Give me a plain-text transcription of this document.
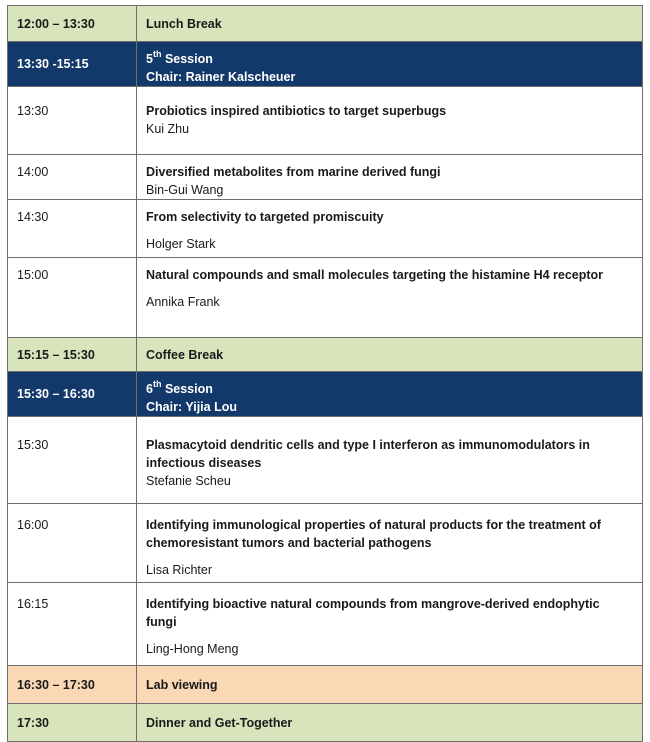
12:00 – 13:30	Lunch Break
13:30 -15:15	5th Session
Chair: Rainer Kalscheuer

13:30	Probiotics inspired antibiotics to target superbugs
Kui Zhu

14:00	Diversified metabolites from marine derived fungi
Bin-Gui Wang

14:30	From selectivity to targeted promiscuity
Holger Stark

15:00	Natural compounds and small molecules targeting the histamine H4 receptor
Annika Frank

15:15 – 15:30	Coffee Break
15:30 – 16:30	6th Session
Chair: Yijia Lou

15:30	Plasmacytoid dendritic cells and type I interferon as immunomodulators in infectious diseases
Stefanie Scheu

16:00	Identifying immunological properties of natural products for the treatment of chemoresistant tumors and bacterial pathogens
Lisa Richter

16:15	Identifying bioactive natural compounds from mangrove-derived endophytic fungi
Ling-Hong Meng

16:30 – 17:30	Lab viewing
17:30	Dinner and Get-Together
